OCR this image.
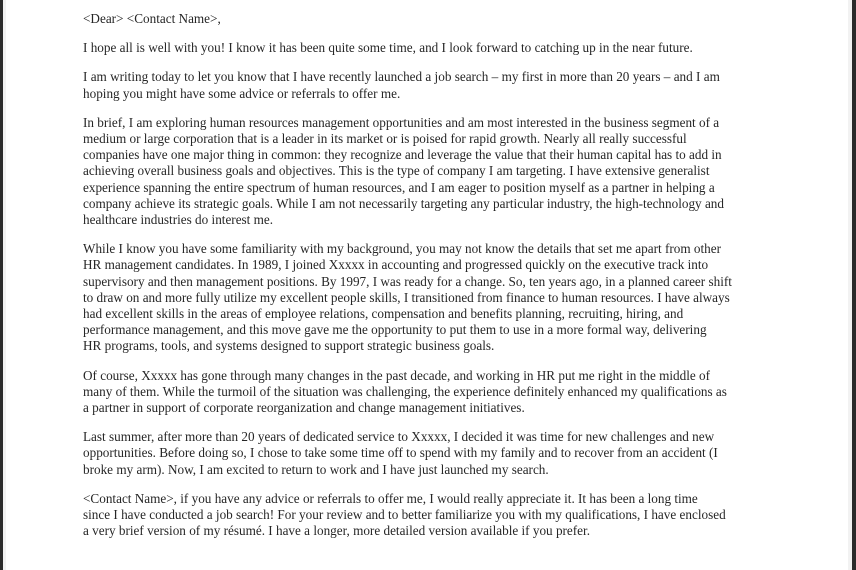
<Dear> <Contact Name>,

I hope all is well with you! I know it has been quite some time, and I look forward to catching up in the near future.

I am writing today to let you know that I have recently launched a job search – my first in more than 20 years – and I am
hoping you might have some advice or referrals to offer me.

In brief, I am exploring human resources management opportunities and am most interested in the business segment of a
medium or large corporation that is a leader in its market or is poised for rapid growth. Nearly all really successful
companies have one major thing in common: they recognize and leverage the value that their human capital has to add in
achieving overall business goals and objectives. This is the type of company I am targeting. I have extensive generalist
experience spanning the entire spectrum of human resources, and I am eager to position myself as a partner in helping a
company achieve its strategic goals. While I am not necessarily targeting any particular industry, the high-technology and
healthcare industries do interest me.

While I know you have some familiarity with my background, you may not know the details that set me apart from other
HR management candidates. In 1989, I joined Xxxxx in accounting and progressed quickly on the executive track into
supervisory and then management positions. By 1997, I was ready for a change. So, ten years ago, in a planned career shift
to draw on and more fully utilize my excellent people skills, I transitioned from finance to human resources. I have always
had excellent skills in the areas of employee relations, compensation and benefits planning, recruiting, hiring, and
performance management, and this move gave me the opportunity to put them to use in a more formal way, delivering
HR programs, tools, and systems designed to support strategic business goals.

Of course, Xxxxx has gone through many changes in the past decade, and working in HR put me right in the middle of
many of them. While the turmoil of the situation was challenging, the experience definitely enhanced my qualifications as
a partner in support of corporate reorganization and change management initiatives.

Last summer, after more than 20 years of dedicated service to Xxxxx, I decided it was time for new challenges and new
opportunities. Before doing so, I chose to take some time off to spend with my family and to recover from an accident (I
broke my arm). Now, I am excited to return to work and I have just launched my search.

<Contact Name>, if you have any advice or referrals to offer me, I would really appreciate it. It has been a long time
since I have conducted a job search! For your review and to better familiarize you with my qualifications, I have enclosed
a very brief version of my résumé. I have a longer, more detailed version available if you prefer.
